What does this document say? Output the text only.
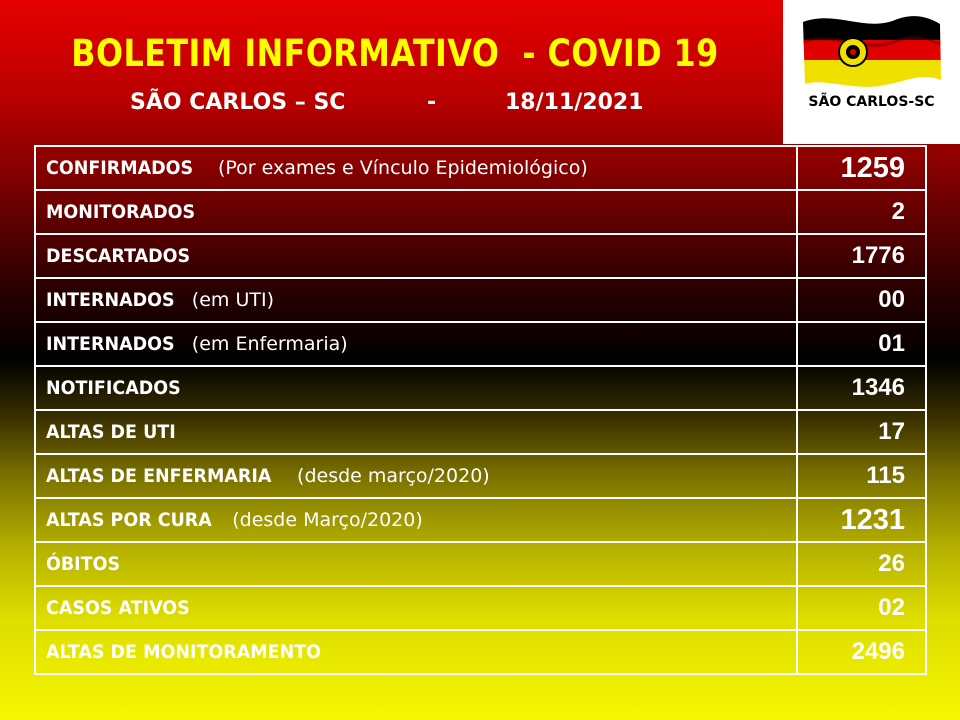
BOLETIM INFORMATIVO  - COVID 19
SÃO CARLOS – SC	-	18/11/2021	SÃO CARLOS-SC
CONFIRMADOS  (Por exames e Vínculo Epidemiológico)	1259
MONITORADOS	2
DESCARTADOS	1776
INTERNADOS (em UTI)	00
INTERNADOS (em Enfermaria)	01
NOTIFICADOS	1346
ALTAS DE UTI	17
ALTAS DE ENFERMARIA (desde março/2020)	115
ALTAS POR CURA (desde Março/2020)	1231
ÓBITOS	26
CASOS ATIVOS	02
ALTAS DE MONITORAMENTO	2496
